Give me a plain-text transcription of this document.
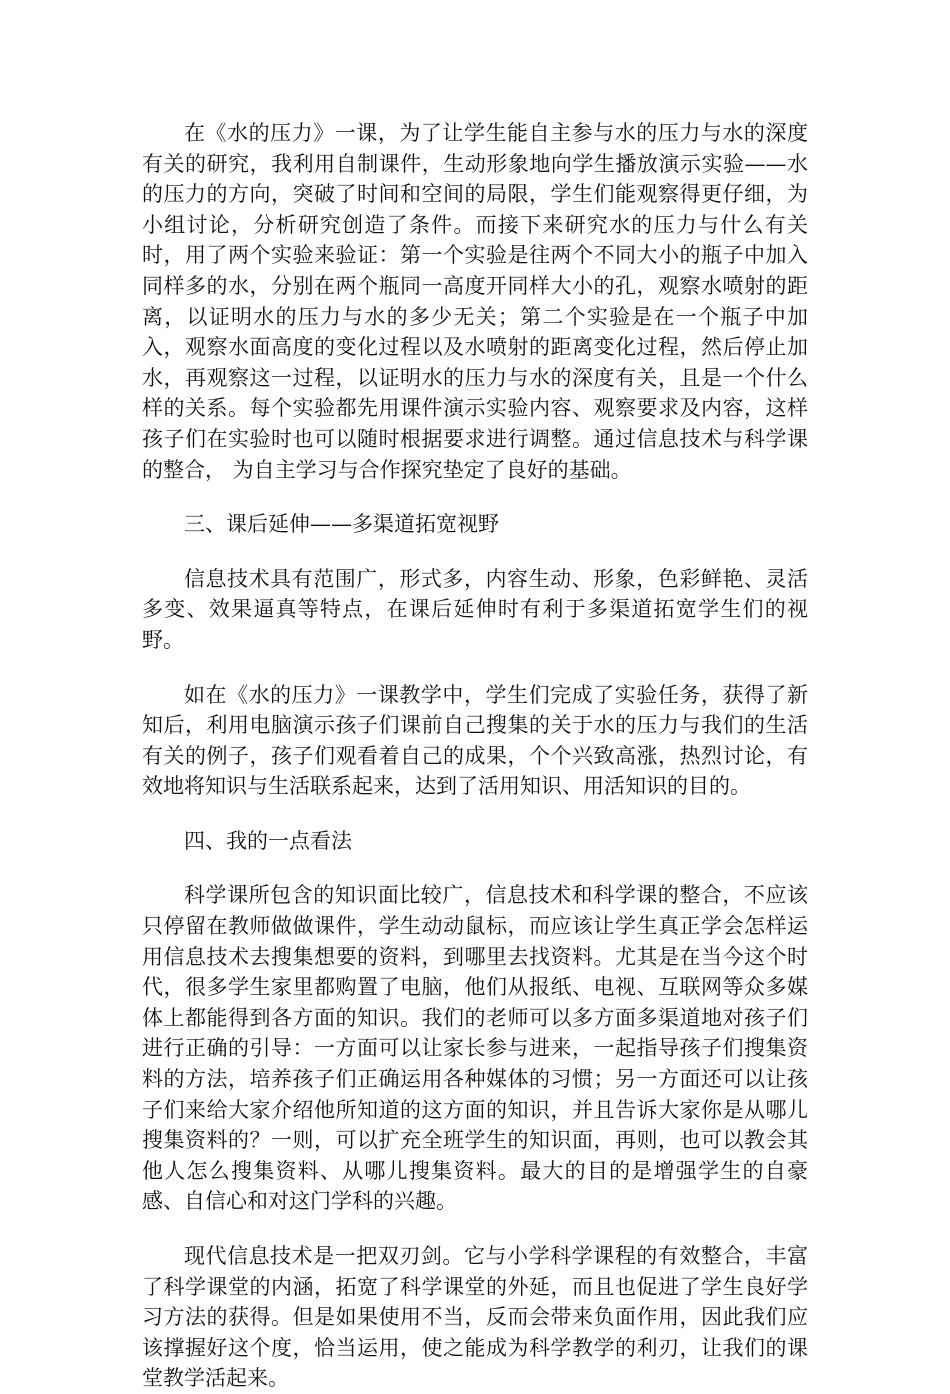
在《水的压力》一课，为了让学生能自主参与水的压力与水的深度有关的研究，我利用自制课件，生动形象地向学生播放演示实验——水的压力的方向，突破了时间和空间的局限，学生们能观察得更仔细，为小组讨论，分析研究创造了条件。而接下来研究水的压力与什么有关时，用了两个实验来验证：第一个实验是往两个不同大小的瓶子中加入同样多的水，分别在两个瓶同一高度开同样大小的孔，观察水喷射的距离，以证明水的压力与水的多少无关；第二个实验是在一个瓶子中加入，观察水面高度的变化过程以及水喷射的距离变化过程，然后停止加水，再观察这一过程，以证明水的压力与水的深度有关，且是一个什么样的关系。每个实验都先用课件演示实验内容、观察要求及内容，这样孩子们在实验时也可以随时根据要求进行调整。通过信息技术与科学课的整合， 为自主学习与合作探究垫定了良好的基础。

三、课后延伸——多渠道拓宽视野

信息技术具有范围广，形式多，内容生动、形象，色彩鲜艳、灵活多变、效果逼真等特点，在课后延伸时有利于多渠道拓宽学生们的视野。

如在《水的压力》一课教学中，学生们完成了实验任务，获得了新知后，利用电脑演示孩子们课前自己搜集的关于水的压力与我们的生活有关的例子，孩子们观看着自己的成果，个个兴致高涨，热烈讨论，有效地将知识与生活联系起来，达到了活用知识、用活知识的目的。

四、我的一点看法

科学课所包含的知识面比较广，信息技术和科学课的整合，不应该只停留在教师做做课件，学生动动鼠标，而应该让学生真正学会怎样运用信息技术去搜集想要的资料，到哪里去找资料。尤其是在当今这个时代，很多学生家里都购置了电脑，他们从报纸、电视、互联网等众多媒体上都能得到各方面的知识。我们的老师可以多方面多渠道地对孩子们进行正确的引导：一方面可以让家长参与进来，一起指导孩子们搜集资料的方法，培养孩子们正确运用各种媒体的习惯；另一方面还可以让孩子们来给大家介绍他所知道的这方面的知识，并且告诉大家你是从哪儿搜集资料的？一则，可以扩充全班学生的知识面，再则，也可以教会其他人怎么搜集资料、从哪儿搜集资料。最大的目的是增强学生的自豪感、自信心和对这门学科的兴趣。

现代信息技术是一把双刃剑。它与小学科学课程的有效整合，丰富了科学课堂的内涵，拓宽了科学课堂的外延，而且也促进了学生良好学习方法的获得。但是如果使用不当，反而会带来负面作用，因此我们应该撑握好这个度，恰当运用，使之能成为科学教学的利刃，让我们的课堂教学活起来。
